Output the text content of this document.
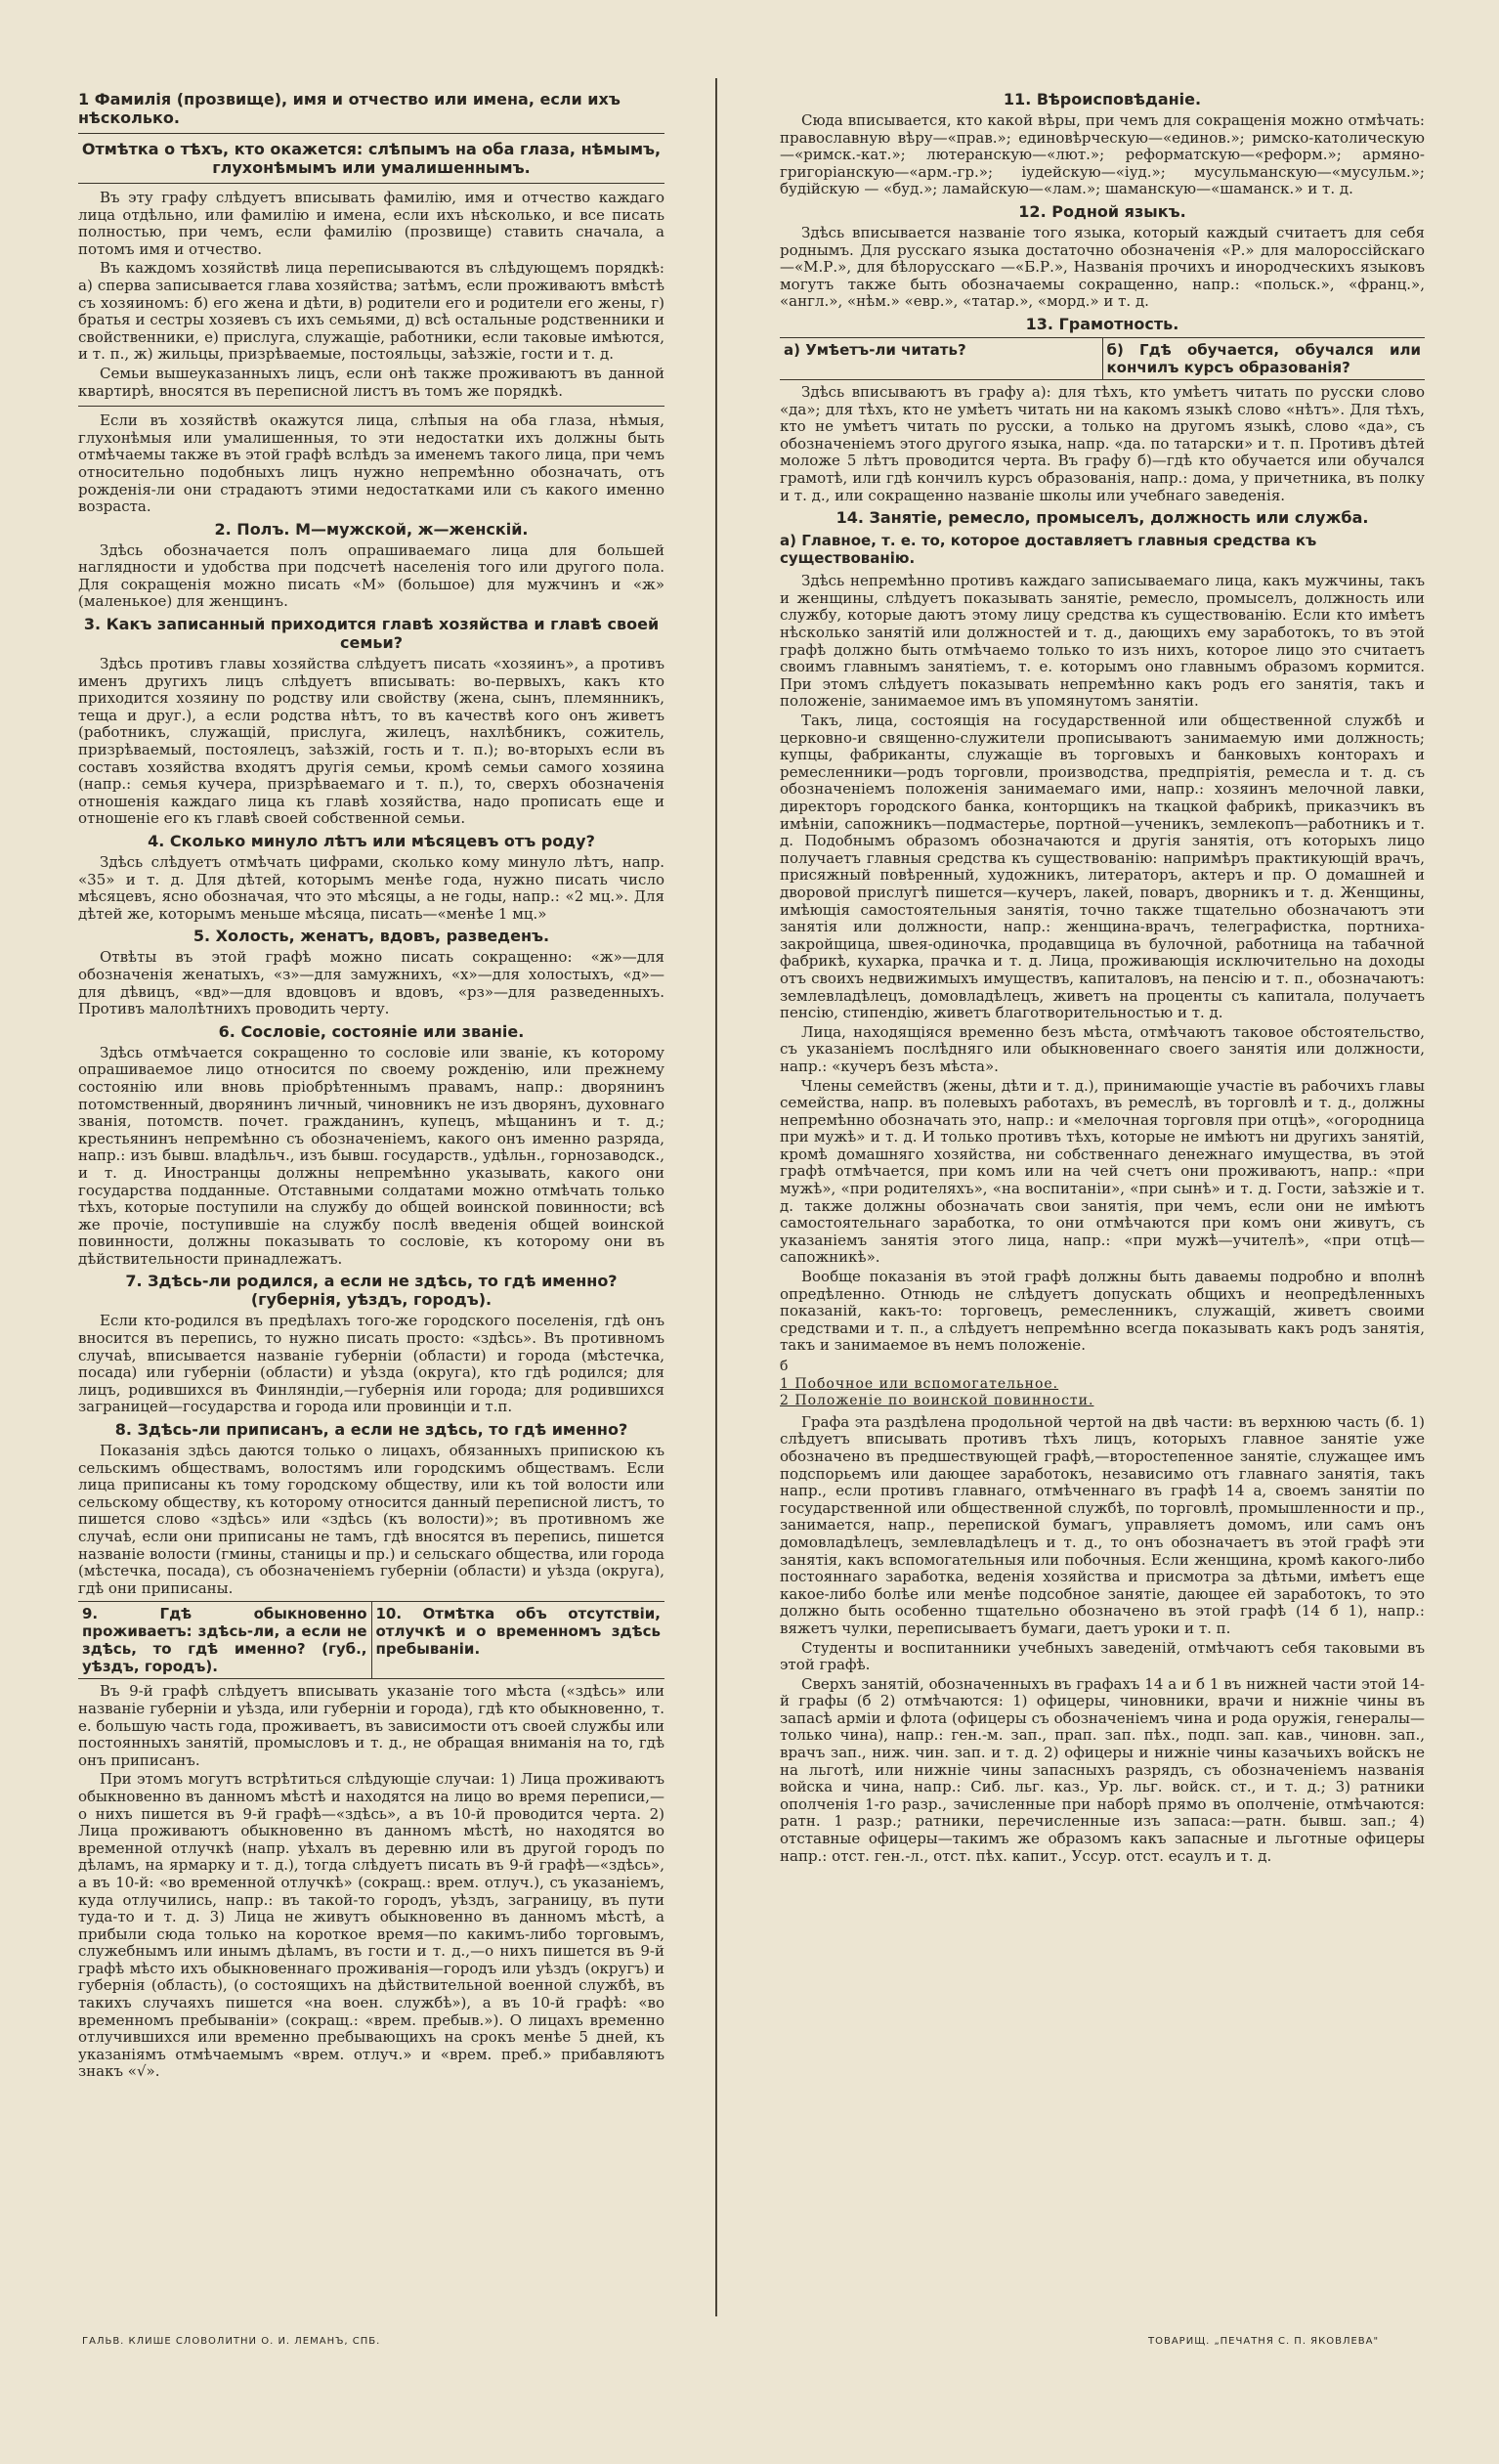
1 Фамилія (прозвище), имя и отчество или имена, если ихъ нѣсколько.
Отмѣтка о тѣхъ, кто окажется: слѣпымъ на оба глаза, нѣмымъ, глухонѣмымъ или умалишеннымъ.

Въ эту графу слѣдуетъ вписывать фамилію, имя и отчество каждаго лица отдѣльно, или фамилію и имена, если ихъ нѣсколько, и все писать полностью, при чемъ, если фамилію (прозвище) ставить сначала, а потомъ имя и отчество.

Въ каждомъ хозяйствѣ лица переписываются въ слѣдующемъ порядкѣ: а) сперва записывается глава хозяйства; затѣмъ, если проживаютъ вмѣстѣ съ хозяиномъ: б) его жена и дѣти, в) родители его и родители его жены, г) братья и сестры хозяевъ съ ихъ семьями, д) всѣ остальные родственники и свойственники, е) прислуга, служащіе, работники, если таковые имѣются, и т. п., ж) жильцы, призрѣваемые, постояльцы, заѣзжіе, гости и т. д.

Семьи вышеуказанныхъ лицъ, если онѣ также проживаютъ въ данной квартирѣ, вносятся въ переписной листъ въ томъ же порядкѣ.

Если въ хозяйствѣ окажутся лица, слѣпыя на оба глаза, нѣмыя, глухонѣмыя или умалишенныя, то эти недостатки ихъ должны быть отмѣчаемы также въ этой графѣ вслѣдъ за именемъ такого лица, при чемъ относительно подобныхъ лицъ нужно непремѣнно обозначать, отъ рожденія-ли они страдаютъ этими недостатками или съ какого именно возраста.

2. Полъ. М—мужской, ж—женскій.

Здѣсь обозначается полъ опрашиваемаго лица для большей наглядности и удобства при подсчетѣ населенія того или другого пола. Для сокращенія можно писать «М» (большое) для мужчинъ и «ж» (маленькое) для женщинъ.

3. Какъ записанный приходится главѣ хозяйства и главѣ своей семьи?

Здѣсь противъ главы хозяйства слѣдуетъ писать «хозяинъ», а противъ именъ другихъ лицъ слѣдуетъ вписывать: во-первыхъ, какъ кто приходится хозяину по родству или свойству (жена, сынъ, племянникъ, теща и друг.), а если родства нѣтъ, то въ качествѣ кого онъ живетъ (работникъ, служащій, прислуга, жилецъ, нахлѣбникъ, сожитель, призрѣваемый, постоялецъ, заѣзжій, гость и т. п.); во-вторыхъ если въ составъ хозяйства входятъ другія семьи, кромѣ семьи самого хозяина (напр.: семья кучера, призрѣваемаго и т. п.), то, сверхъ обозначенія отношенія каждаго лица къ главѣ хозяйства, надо прописать еще и отношеніе его къ главѣ своей собственной семьи.

4. Сколько минуло лѣтъ или мѣсяцевъ отъ роду?

Здѣсь слѣдуетъ отмѣчать цифрами, сколько кому минуло лѣтъ, напр. «35» и т. д. Для дѣтей, которымъ менѣе года, нужно писать число мѣсяцевъ, ясно обозначая, что это мѣсяцы, а не годы, напр.: «2 мц.». Для дѣтей же, которымъ меньше мѣсяца, писать—«менѣе 1 мц.»

5. Холость, женатъ, вдовъ, разведенъ.

Отвѣты въ этой графѣ можно писать сокращенно: «ж»—для обозначенія женатыхъ, «з»—для замужнихъ, «х»—для холостыхъ, «д»—для дѣвицъ, «вд»—для вдовцовъ и вдовъ, «рз»—для разведенныхъ. Противъ малолѣтнихъ проводить черту.

6. Сословіе, состояніе или званіе.

Здѣсь отмѣчается сокращенно то сословіе или званіе, къ которому опрашиваемое лицо относится по своему рожденію, или прежнему состоянію или вновь пріобрѣтеннымъ правамъ, напр.: дворянинъ потомственный, дворянинъ личный, чиновникъ не изъ дворянъ, духовнаго званія, потомств. почет. гражданинъ, купецъ, мѣщанинъ и т. д.; крестьянинъ непремѣнно съ обозначеніемъ, какого онъ именно разряда, напр.: изъ бывш. владѣльч., изъ бывш. государств., удѣльн., горнозаводск., и т. д. Иностранцы должны непремѣнно указывать, какого они государства подданные. Отставными солдатами можно отмѣчать только тѣхъ, которые поступили на службу до общей воинской повинности; всѣ же прочіе, поступившіе на службу послѣ введенія общей воинской повинности, должны показывать то сословіе, къ которому они въ дѣйствительности принадлежатъ.

7. Здѣсь-ли родился, а если не здѣсь, то гдѣ именно? (губернія, уѣздъ, городъ).

Если кто-родился въ предѣлахъ того-же городского поселенія, гдѣ онъ вносится въ перепись, то нужно писать просто: «здѣсь». Въ противномъ случаѣ, вписывается названіе губерніи (области) и города (мѣстечка, посада) или губерніи (области) и уѣзда (округа), кто гдѣ родился; для лицъ, родившихся въ Финляндіи,—губернія или города; для родившихся заграницей—государства и города или провинціи и т.п.

8. Здѣсь-ли приписанъ, а если не здѣсь, то гдѣ именно?

Показанія здѣсь даются только о лицахъ, обязанныхъ припискою къ сельскимъ обществамъ, волостямъ или городскимъ обществамъ. Если лица приписаны къ тому городскому обществу, или къ той волости или сельскому обществу, къ которому относится данный переписной листъ, то пишется слово «здѣсь» или «здѣсь (къ волости)»; въ противномъ же случаѣ, если они приписаны не тамъ, гдѣ вносятся въ перепись, пишется названіе волости (гмины, станицы и пр.) и сельскаго общества, или города (мѣстечка, посада), съ обозначеніемъ губерніи (области) и уѣзда (округа), гдѣ они приписаны.

9. Гдѣ обыкновенно проживаетъ: здѣсь-ли, а если не здѣсь, то гдѣ именно? (губ., уѣздъ, городъ).
10. Отмѣтка объ отсутствіи, отлучкѣ и о временномъ здѣсь пребываніи.

Въ 9-й графѣ слѣдуетъ вписывать указаніе того мѣста («здѣсь» или названіе губерніи и уѣзда, или губерніи и города), гдѣ кто обыкновенно, т. е. большую часть года, проживаетъ, въ зависимости отъ своей службы или постоянныхъ занятій, промысловъ и т. д., не обращая вниманія на то, гдѣ онъ приписанъ.

При этомъ могутъ встрѣтиться слѣдующіе случаи: 1) Лица проживаютъ обыкновенно въ данномъ мѣстѣ и находятся на лицо во время переписи,—о нихъ пишется въ 9-й графѣ—«здѣсь», а въ 10-й проводится черта. 2) Лица проживаютъ обыкновенно въ данномъ мѣстѣ, но находятся во временной отлучкѣ (напр. уѣхалъ въ деревню или въ другой городъ по дѣламъ, на ярмарку и т. д.), тогда слѣдуетъ писать въ 9-й графѣ—«здѣсь», а въ 10-й: «во временной отлучкѣ» (сокращ.: врем. отлуч.), съ указаніемъ, куда отлучились, напр.: въ такой-то городъ, уѣздъ, заграницу, въ пути туда-то и т. д. 3) Лица не живутъ обыкновенно въ данномъ мѣстѣ, а прибыли сюда только на короткое время—по какимъ-либо торговымъ, служебнымъ или инымъ дѣламъ, въ гости и т. д.,—о нихъ пишется въ 9-й графѣ мѣсто ихъ обыкновеннаго проживанія—городъ или уѣздъ (округъ) и губернія (область), (о состоящихъ на дѣйствительной военной службѣ, въ такихъ случаяхъ пишется «на воен. службѣ»), а въ 10-й графѣ: «во временномъ пребываніи» (сокращ.: «врем. пребыв.»). О лицахъ временно отлучившихся или временно пребывающихъ на срокъ менѣе 5 дней, къ указаніямъ отмѣчаемымъ «врем. отлуч.» и «врем. преб.» прибавляютъ знакъ «√».

11. Вѣроисповѣданіе.

Сюда вписывается, кто какой вѣры, при чемъ для сокращенія можно отмѣчать: православную вѣру—«прав.»; единовѣрческую—«единов.»; римско-католическую—«римск.-кат.»; лютеранскую—«лют.»; реформатскую—«реформ.»; армяно-григоріанскую—«арм.-гр.»; іудейскую—«іуд.»; мусульманскую—«мусульм.»; будійскую — «буд.»; ламайскую—«лам.»; шаманскую—«шаманск.» и т. д.

12. Родной языкъ.

Здѣсь вписывается названіе того языка, который каждый считаетъ для себя роднымъ. Для русскаго языка достаточно обозначенія «Р.» для малороссійскаго—«М.Р.», для бѣлорусскаго —«Б.Р.», Названія прочихъ и инородческихъ языковъ могутъ также быть обозначаемы сокращенно, напр.: «польск.», «франц.», «англ.», «нѣм.» «евр.», «татар.», «морд.» и т. д.

13. Грамотность.
а) Умѣетъ-ли читать?	б) Гдѣ обучается, обучался или кончилъ курсъ образованія?

Здѣсь вписываютъ въ графу а): для тѣхъ, кто умѣетъ читать по русски слово «да»; для тѣхъ, кто не умѣетъ читать ни на какомъ языкѣ слово «нѣтъ». Для тѣхъ, кто не умѣетъ читать по русски, а только на другомъ языкѣ, слово «да», съ обозначеніемъ этого другого языка, напр. «да. по татарски» и т. п. Противъ дѣтей моложе 5 лѣтъ проводится черта. Въ графу б)—гдѣ кто обучается или обучался грамотѣ, или гдѣ кончилъ курсъ образованія, напр.: дома, у причетника, въ полку и т. д., или сокращенно названіе школы или учебнаго заведенія.

14. Занятіе, ремесло, промыселъ, должность или служба.
а) Главное, т. е. то, которое доставляетъ главныя средства къ существованію.

Здѣсь непремѣнно противъ каждаго записываемаго лица, какъ мужчины, такъ и женщины, слѣдуетъ показывать занятіе, ремесло, промыселъ, должность или службу, которые даютъ этому лицу средства къ существованію. Если кто имѣетъ нѣсколько занятій или должностей и т. д., дающихъ ему заработокъ, то въ этой графѣ должно быть отмѣчаемо только то изъ нихъ, которое лицо это считаетъ своимъ главнымъ занятіемъ, т. е. которымъ оно главнымъ образомъ кормится. При этомъ слѣдуетъ показывать непремѣнно какъ родъ его занятія, такъ и положеніе, занимаемое имъ въ упомянутомъ занятіи.

Такъ, лица, состоящія на государственной или общественной службѣ и церковно-и священно-служители прописываютъ занимаемую ими должность; купцы, фабриканты, служащіе въ торговыхъ и банковыхъ конторахъ и ремесленники—родъ торговли, производства, предпріятія, ремесла и т. д. съ обозначеніемъ положенія занимаемаго ими, напр.: хозяинъ мелочной лавки, директоръ городского банка, конторщикъ на ткацкой фабрикѣ, приказчикъ въ имѣніи, сапожникъ—подмастерье, портной—ученикъ, землекопъ—работникъ и т. д. Подобнымъ образомъ обозначаются и другія занятія, отъ которыхъ лицо получаетъ главныя средства къ существованію: напримѣръ практикующій врачъ, присяжный повѣренный, художникъ, литераторъ, актеръ и пр. О домашней и дворовой прислугѣ пишется—кучеръ, лакей, поваръ, дворникъ и т. д. Женщины, имѣющія самостоятельныя занятія, точно также тщательно обозначаютъ эти занятія или должности, напр.: женщина-врачъ, телеграфистка, портниха-закройщица, швея-одиночка, продавщица въ булочной, работница на табачной фабрикѣ, кухарка, прачка и т. д. Лица, проживающія исключительно на доходы отъ своихъ недвижимыхъ имуществъ, капиталовъ, на пенсію и т. п., обозначаютъ: землевладѣлецъ, домовладѣлецъ, живетъ на проценты съ капитала, получаетъ пенсію, стипендію, живетъ благотворительностью и т. д.

Лица, находящіяся временно безъ мѣста, отмѣчаютъ таковое обстоятельство, съ указаніемъ послѣдняго или обыкновеннаго своего занятія или должности, напр.: «кучеръ безъ мѣста».

Члены семействъ (жены, дѣти и т. д.), принимающіе участіе въ рабочихъ главы семейства, напр. въ полевыхъ работахъ, въ ремеслѣ, въ торговлѣ и т. д., должны непремѣнно обозначать это, напр.: и «мелочная торговля при отцѣ», «огородница при мужѣ» и т. д. И только противъ тѣхъ, которые не имѣютъ ни другихъ занятій, кромѣ домашняго хозяйства, ни собственнаго денежнаго имущества, въ этой графѣ отмѣчается, при комъ или на чей счетъ они проживаютъ, напр.: «при мужѣ», «при родителяхъ», «на воспитаніи», «при сынѣ» и т. д. Гости, заѣзжіе и т. д. также должны обозначать свои занятія, при чемъ, если они не имѣютъ самостоятельнаго заработка, то они отмѣчаются при комъ они живутъ, съ указаніемъ занятія этого лица, напр.: «при мужѣ—учителѣ», «при отцѣ—сапожникѣ».

Вообще показанія въ этой графѣ должны быть даваемы подробно и вполнѣ опредѣленно. Отнюдь не слѣдуетъ допускать общихъ и неопредѣленныхъ показаній, какъ-то: торговецъ, ремесленникъ, служащій, живетъ своими средствами и т. п., а слѣдуетъ непремѣнно всегда показывать какъ родъ занятія, такъ и занимаемое въ немъ положеніе.

б
1 Побочное или вспомогательное.
2 Положеніе по воинской повинности.

Графа эта раздѣлена продольной чертой на двѣ части: въ верхнюю часть (б. 1) слѣдуетъ вписывать противъ тѣхъ лицъ, которыхъ главное занятіе уже обозначено въ предшествующей графѣ,—второстепенное занятіе, служащее имъ подспорьемъ или дающее заработокъ, независимо отъ главнаго занятія, такъ напр., если противъ главнаго, отмѣченнаго въ графѣ 14 а, своемъ занятіи по государственной или общественной службѣ, по торговлѣ, промышленности и пр., занимается, напр., перепиской бумагъ, управляетъ домомъ, или самъ онъ домовладѣлецъ, землевладѣлецъ и т. д., то онъ обозначаетъ въ этой графѣ эти занятія, какъ вспомогательныя или побочныя. Если женщина, кромѣ какого-либо постояннаго заработка, веденія хозяйства и присмотра за дѣтьми, имѣетъ еще какое-либо болѣе или менѣе подсобное занятіе, дающее ей заработокъ, то это должно быть особенно тщательно обозначено въ этой графѣ (14 б 1), напр.: вяжетъ чулки, переписываетъ бумаги, даетъ уроки и т. п.

Студенты и воспитанники учебныхъ заведеній, отмѣчаютъ себя таковыми въ этой графѣ.

Сверхъ занятій, обозначенныхъ въ графахъ 14 а и б 1 въ нижней части этой 14-й графы (б 2) отмѣчаются: 1) офицеры, чиновники, врачи и нижніе чины въ запасѣ арміи и флота (офицеры съ обозначеніемъ чина и рода оружія, генералы—только чина), напр.: ген.-м. зап., прап. зап. пѣх., подп. зап. кав., чиновн. зап., врачъ зап., ниж. чин. зап. и т. д. 2) офицеры и нижніе чины казачьихъ войскъ не на льготѣ, или нижніе чины запасныхъ разрядъ, съ обозначеніемъ названія войска и чина, напр.: Сиб. льг. каз., Ур. льг. войск. ст., и т. д.; 3) ратники ополченія 1-го разр., зачисленные при наборѣ прямо въ ополченіе, отмѣчаются: ратн. 1 разр.; ратники, перечисленные изъ запаса:—ратн. бывш. зап.; 4) отставные офицеры—такимъ же образомъ какъ запасные и льготные офицеры напр.: отст. ген.-л., отст. пѣх. капит., Уссур. отст. есаулъ и т. д.

ГАЛЬВ. КЛИШЕ СЛОВОЛИТНИ О. И. ЛЕМАНЪ, СПБ.	ТОВАРИЩ. „ПЕЧАТНЯ С. П. ЯКОВЛЕВА"
